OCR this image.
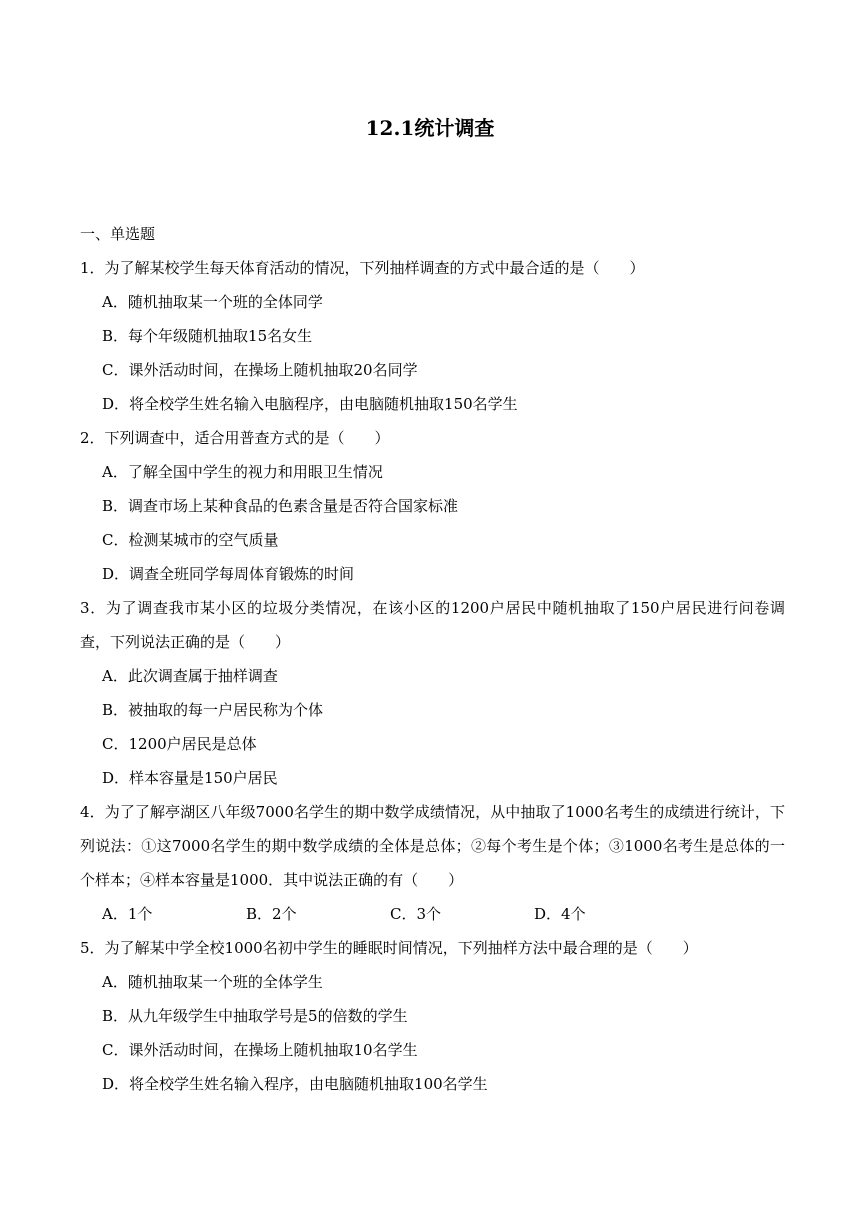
12.1统计调查
一、单选题
1．为了解某校学生每天体育活动的情况，下列抽样调查的方式中最合适的是（　　）
A．随机抽取某一个班的全体同学
B．每个年级随机抽取15名女生
C．课外活动时间，在操场上随机抽取20名同学
D．将全校学生姓名输入电脑程序，由电脑随机抽取150名学生
2．下列调查中，适合用普查方式的是（　　）
A．了解全国中学生的视力和用眼卫生情况
B．调查市场上某种食品的色素含量是否符合国家标准
C．检测某城市的空气质量
D．调查全班同学每周体育锻炼的时间
3．为了调查我市某小区的垃圾分类情况，在该小区的1200户居民中随机抽取了150户居民进行问卷调查，下列说法正确的是（　　）
A．此次调查属于抽样调查
B．被抽取的每一户居民称为个体
C．1200户居民是总体
D．样本容量是150户居民
4．为了了解亭湖区八年级7000名学生的期中数学成绩情况，从中抽取了1000名考生的成绩进行统计，下列说法：①这7000名学生的期中数学成绩的全体是总体；②每个考生是个体；③1000名考生是总体的一个样本；④样本容量是1000．其中说法正确的有（　　）
A．1个	B．2个	C．3个	D．4个
5．为了解某中学全校1000名初中学生的睡眠时间情况，下列抽样方法中最合理的是（　　）
A．随机抽取某一个班的全体学生
B．从九年级学生中抽取学号是5的倍数的学生
C．课外活动时间，在操场上随机抽取10名学生
D．将全校学生姓名输入程序，由电脑随机抽取100名学生
